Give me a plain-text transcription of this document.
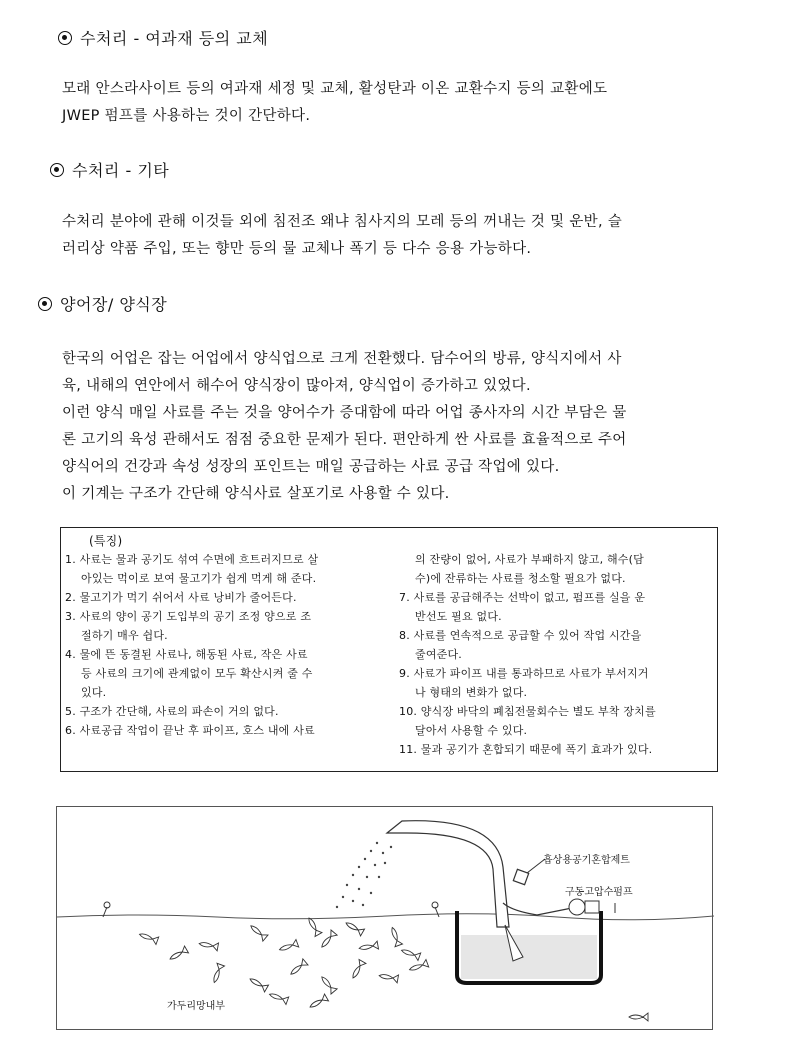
수처리 - 여과재 등의 교체
모래 안스라사이트 등의 여과재 세정 및 교체, 활성탄과 이온 교환수지 등의 교환에도
JWEP 펌프를 사용하는 것이 간단하다.
수처리 - 기타
수처리 분야에 관해 이것들 외에 침전조 왜냐 침사지의 모레 등의 꺼내는 것 및 운반, 슬
러리상 약품 주입, 또는 향만 등의 물 교체나 폭기 등 다수 응용 가능하다.
양어장/ 양식장
한국의 어업은 잡는 어업에서 양식업으로 크게 전환했다. 담수어의 방류, 양식지에서 사
육, 내해의 연안에서 해수어 양식장이 많아져, 양식업이 증가하고 있었다.
이런 양식 매일 사료를 주는 것을 양어수가 증대함에 따라 어업 종사자의 시간 부담은 물
론 고기의 육성 관해서도 점점 중요한 문제가 된다. 편안하게 싼 사료를 효율적으로 주어
양식어의 건강과 속성 성장의 포인트는 매일 공급하는 사료 공급 작업에 있다.
이 기계는 구조가 간단해 양식사료 살포기로 사용할 수 있다.
(특징)
1. 사료는 물과 공기도 섞여 수면에 흐트러지므로 살
아있는 먹이로 보여 물고기가 쉽게 먹게 해 준다.
2. 물고기가 먹기 쉬어서 사료 낭비가 줄어든다.
3. 사료의 양이 공기 도입부의 공기 조정 양으로 조
절하기 매우 쉽다.
4. 물에 뜬 동결된 사료나, 해동된 사료, 작은 사료
등 사료의 크기에 관계없이 모두 확산시켜 줄 수
있다.
5. 구조가 간단해, 사료의 파손이 거의 없다.
6. 사료공급 작업이 끝난 후 파이프, 호스 내에 사료
의 잔량이 없어, 사료가 부패하지 않고, 해수(담
수)에 잔류하는 사료를 청소할 필요가 없다.
7. 사료를 공급해주는 선박이 없고, 펌프를 실을 운
반선도 필요 없다.
8. 사료를 연속적으로 공급할 수 있어 작업 시간을
줄여준다.
9. 사료가 파이프 내를 통과하므로 사료가 부서지거
나 형태의 변화가 없다.
10. 양식장 바닥의 폐침전물회수는 별도 부착 장치를
달아서 사용할 수 있다.
11. 물과 공기가 혼합되기 때문에 폭기 효과가 있다.
흡상용공기혼합제트
구동고압수펌프
가두리망내부
